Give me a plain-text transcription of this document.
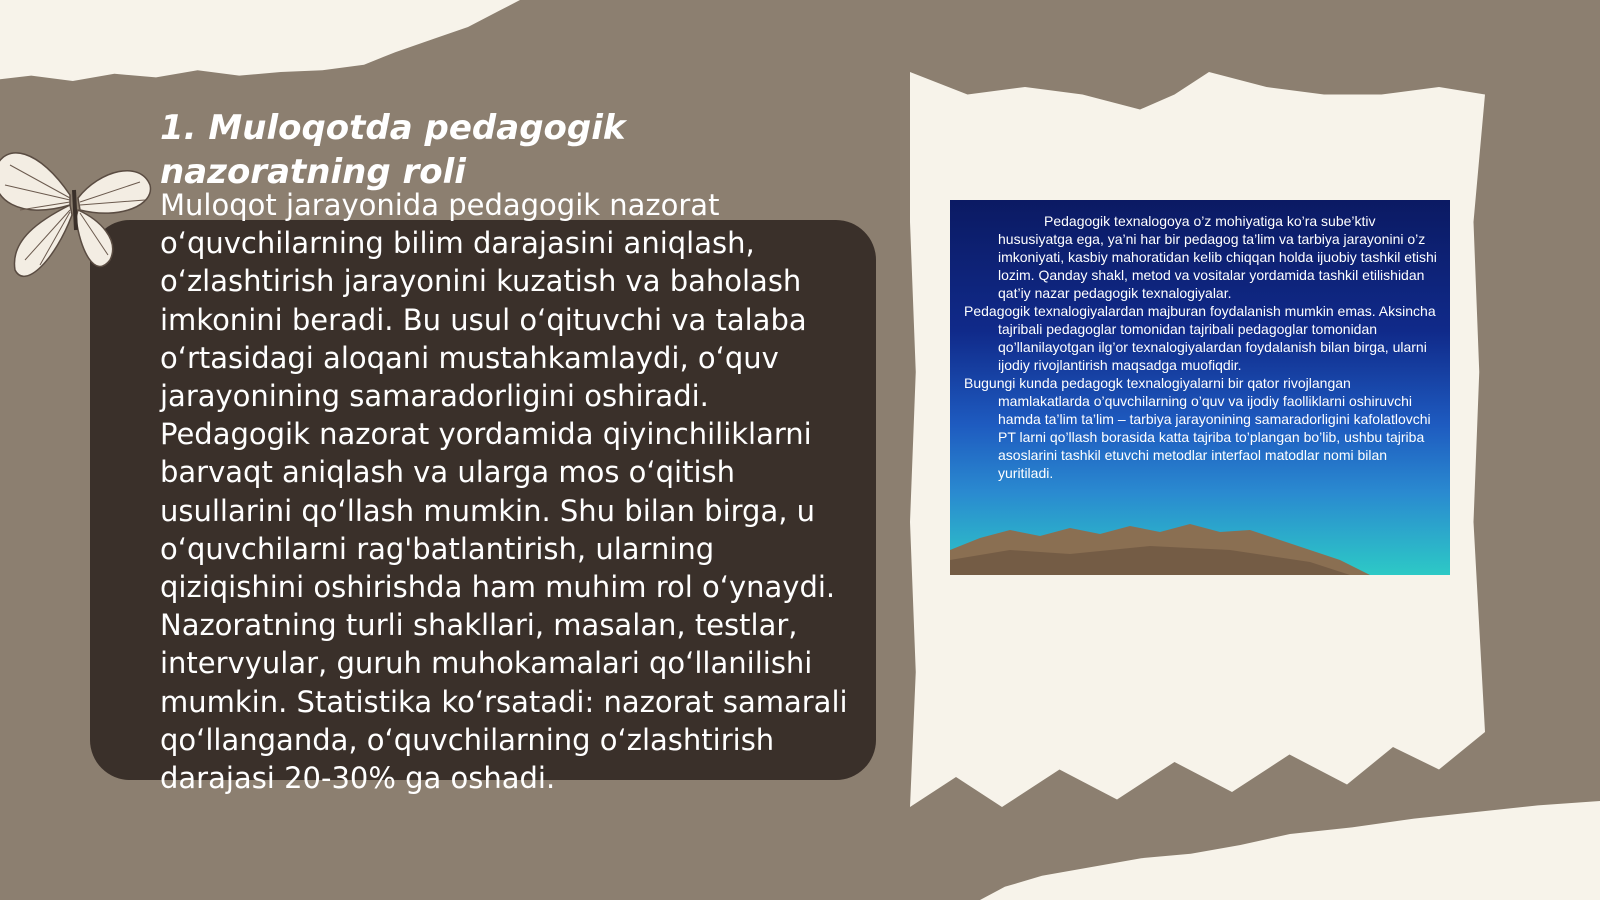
1. Muloqotda pedagogik nazoratning roli

Muloqot jarayonida pedagogik nazorat oʻquvchilarning bilim darajasini aniqlash, oʻzlashtirish jarayonini kuzatish va baholash imkonini beradi. Bu usul oʻqituvchi va talaba oʻrtasidagi aloqani mustahkamlaydi, oʻquv jarayonining samaradorligini oshiradi. Pedagogik nazorat yordamida qiyinchiliklarni barvaqt aniqlash va ularga mos oʻqitish usullarini qoʻllash mumkin. Shu bilan birga, u oʻquvchilarni rag'batlantirish, ularning qiziqishini oshirishda ham muhim rol oʻynaydi. Nazoratning turli shakllari, masalan, testlar, intervyular, guruh muhokamalari qoʻllanilishi mumkin. Statistika koʻrsatadi: nazorat samarali qoʻllanganda, oʻquvchilarning oʻzlashtirish darajasi 20-30% ga oshadi.

Pedagogik texnalogoya o’z mohiyatiga ko’ra sube’ktiv hususiyatga ega, ya’ni har bir pedagog ta’lim va tarbiya jarayonini o’z imkoniyati, kasbiy mahoratidan kelib chiqqan holda ijuobiy tashkil etishi lozim. Qanday shakl, metod va vositalar yordamida tashkil etilishidan qat’iy nazar pedagogik texnalogiyalar.

Pedagogik texnalogiyalardan majburan foydalanish mumkin emas. Aksincha tajribali pedagoglar tomonidan tajribali pedagoglar tomonidan qo’llanilayotgan ilg’or texnalogiyalardan foydalanish bilan birga, ularni ijodiy rivojlantirish maqsadga muofiqdir.

Bugungi kunda pedagogk texnalogiyalarni bir qator rivojlangan mamlakatlarda o’quvchilarning o’quv va ijodiy faolliklarni oshiruvchi hamda ta’lim ta’lim – tarbiya jarayonining samaradorligini kafolatlovchi PT larni qo’llash borasida katta tajriba to’plangan bo’lib, ushbu tajriba asoslarini tashkil etuvchi metodlar interfaol matodlar nomi bilan yuritiladi.
